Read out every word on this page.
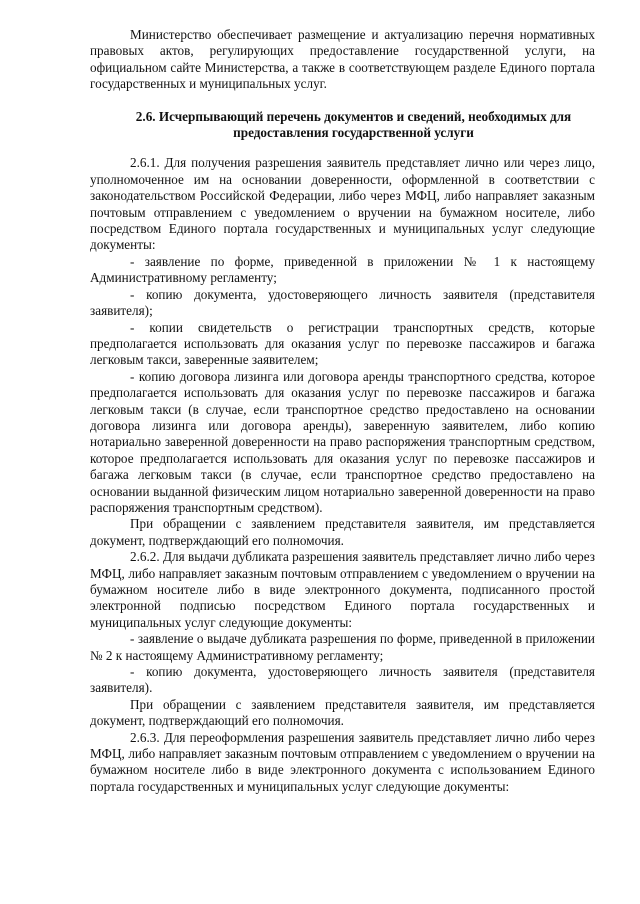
Министерство обеспечивает размещение и актуализацию перечня нормативных правовых актов, регулирующих предоставление государственной услуги, на официальном сайте Министерства, а также в соответствующем разделе Единого портала государственных и муниципальных услуг.

2.6. Исчерпывающий перечень документов и сведений, необходимых для предоставления государственной услуги

2.6.1. Для получения разрешения заявитель представляет лично или через лицо, уполномоченное им на основании доверенности, оформленной в соответствии с законодательством Российской Федерации, либо через МФЦ, либо направляет заказным почтовым отправлением с уведомлением о вручении на бумажном носителе, либо посредством Единого портала государственных и муниципальных услуг следующие документы:

- заявление по форме, приведенной в приложении № 1 к настоящему Административному регламенту;

- копию документа, удостоверяющего личность заявителя (представителя заявителя);

- копии свидетельств о регистрации транспортных средств, которые предполагается использовать для оказания услуг по перевозке пассажиров и багажа легковым такси, заверенные заявителем;

- копию договора лизинга или договора аренды транспортного средства, которое предполагается использовать для оказания услуг по перевозке пассажиров и багажа легковым такси (в случае, если транспортное средство предоставлено на основании договора лизинга или договора аренды), заверенную заявителем, либо копию нотариально заверенной доверенности на право распоряжения транспортным средством, которое предполагается использовать для оказания услуг по перевозке пассажиров и багажа легковым такси (в случае, если транспортное средство предоставлено на основании выданной физическим лицом нотариально заверенной доверенности на право распоряжения транспортным средством).

При обращении с заявлением представителя заявителя, им представляется документ, подтверждающий его полномочия.

2.6.2. Для выдачи дубликата разрешения заявитель представляет лично либо через МФЦ, либо направляет заказным почтовым отправлением с уведомлением о вручении на бумажном носителе либо в виде электронного документа, подписанного простой электронной подписью посредством Единого портала государственных и муниципальных услуг следующие документы:

- заявление о выдаче дубликата разрешения по форме, приведенной в приложении № 2 к настоящему Административному регламенту;

- копию документа, удостоверяющего личность заявителя (представителя заявителя).

При обращении с заявлением представителя заявителя, им представляется документ, подтверждающий его полномочия.

2.6.3. Для переоформления разрешения заявитель представляет лично либо через МФЦ, либо направляет заказным почтовым отправлением с уведомлением о вручении на бумажном носителе либо в виде электронного документа с использованием Единого портала государственных и муниципальных услуг следующие документы:
